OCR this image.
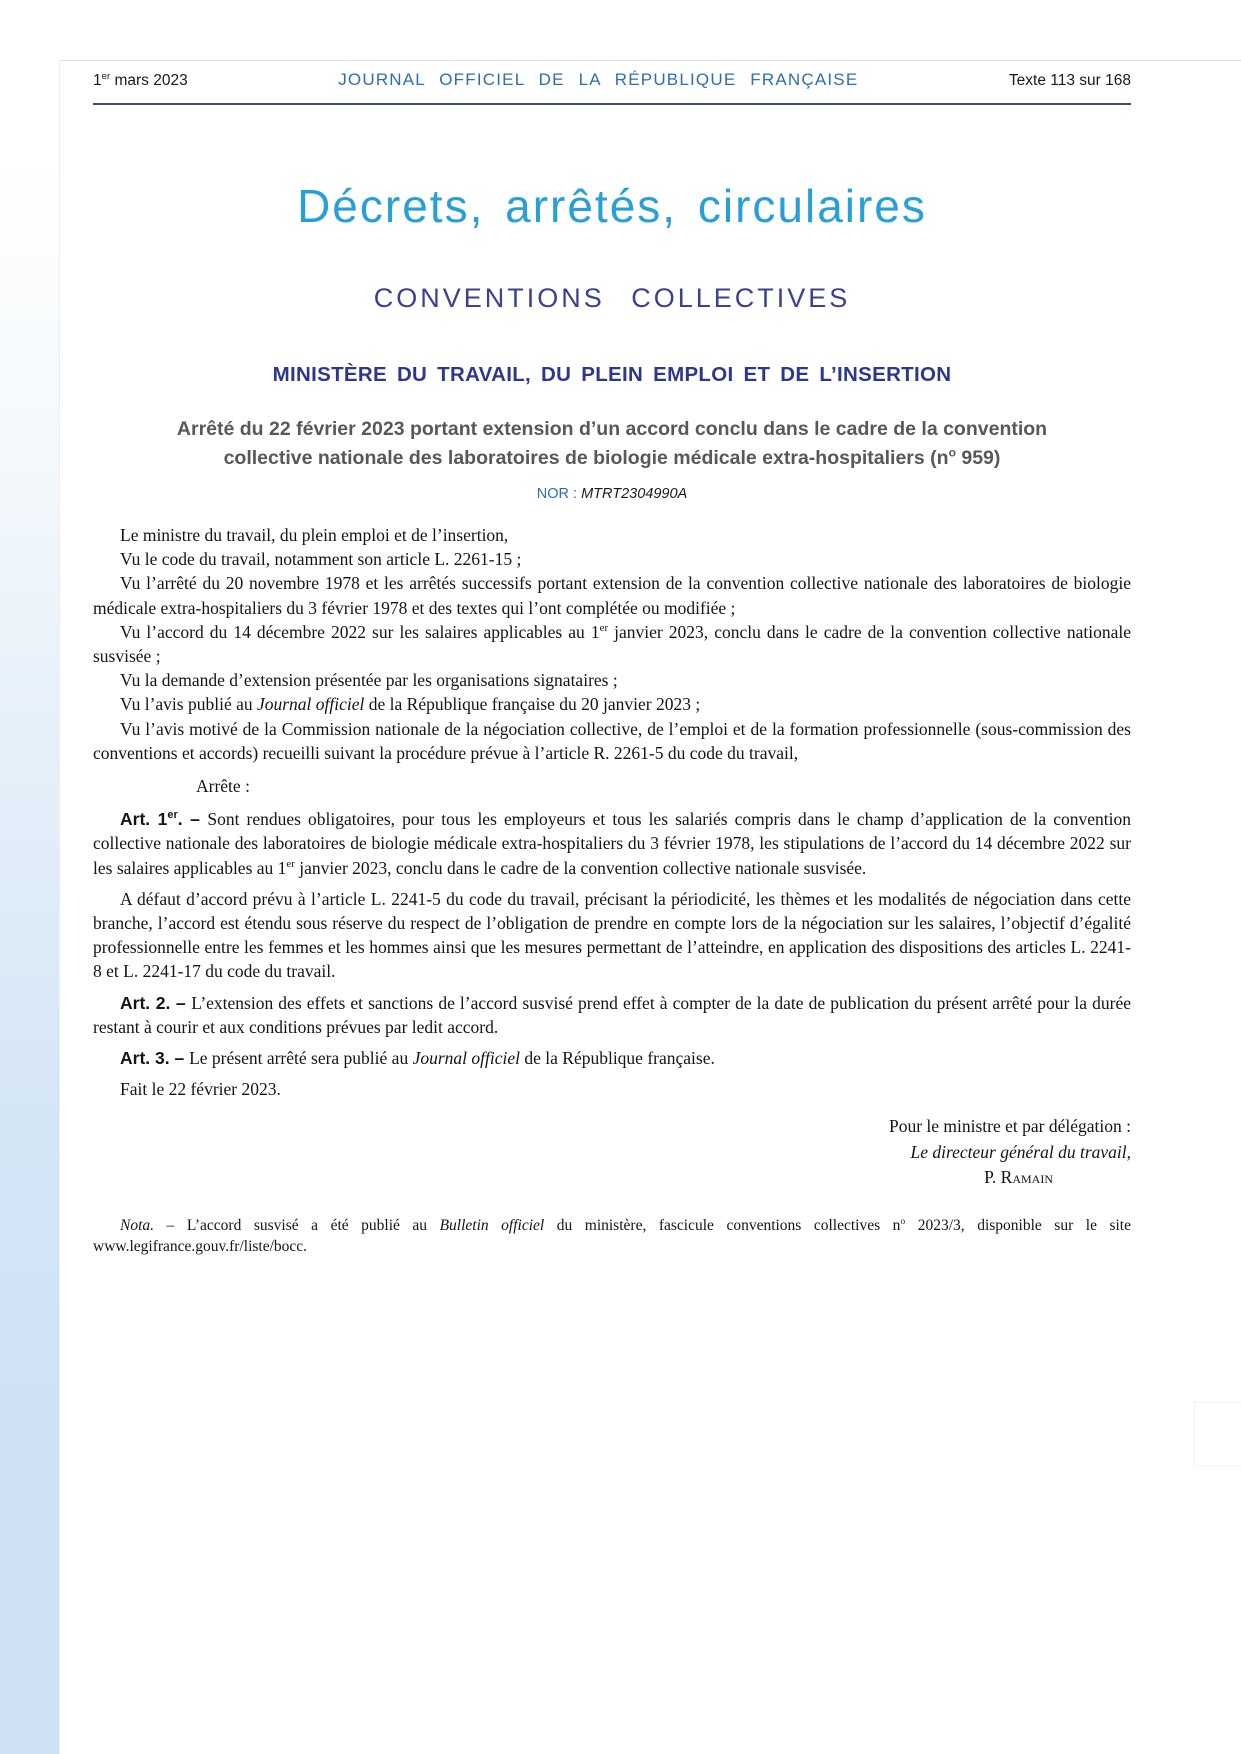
1er mars 2023	JOURNAL OFFICIEL DE LA RÉPUBLIQUE FRANÇAISE	Texte 113 sur 168
Décrets, arrêtés, circulaires
CONVENTIONS COLLECTIVES
MINISTÈRE DU TRAVAIL, DU PLEIN EMPLOI ET DE L’INSERTION
Arrêté du 22 février 2023 portant extension d’un accord conclu dans le cadre de la convention collective nationale des laboratoires de biologie médicale extra-hospitaliers ($n^o$ 959)
NOR : MTRT2304990A

Le ministre du travail, du plein emploi et de l’insertion,

Vu le code du travail, notamment son article L. 2261-15 ;

Vu l’arrêté du 20 novembre 1978 et les arrêtés successifs portant extension de la convention collective nationale des laboratoires de biologie médicale extra-hospitaliers du 3 février 1978 et des textes qui l’ont complétée ou modifiée ;

Vu l’accord du 14 décembre 2022 sur les salaires applicables au 1er janvier 2023, conclu dans le cadre de la convention collective nationale susvisée ;

Vu la demande d’extension présentée par les organisations signataires ;

Vu l’avis publié au Journal officiel de la République française du 20 janvier 2023 ;

Vu l’avis motivé de la Commission nationale de la négociation collective, de l’emploi et de la formation professionnelle (sous-commission des conventions et accords) recueilli suivant la procédure prévue à l’article R. 2261-5 du code du travail,

Arrête :

Art. 1er. – Sont rendues obligatoires, pour tous les employeurs et tous les salariés compris dans le champ d’application de la convention collective nationale des laboratoires de biologie médicale extra-hospitaliers du 3 février 1978, les stipulations de l’accord du 14 décembre 2022 sur les salaires applicables au 1er janvier 2023, conclu dans le cadre de la convention collective nationale susvisée.

A défaut d’accord prévu à l’article L. 2241-5 du code du travail, précisant la périodicité, les thèmes et les modalités de négociation dans cette branche, l’accord est étendu sous réserve du respect de l’obligation de prendre en compte lors de la négociation sur les salaires, l’objectif d’égalité professionnelle entre les femmes et les hommes ainsi que les mesures permettant de l’atteindre, en application des dispositions des articles L. 2241-8 et L. 2241-17 du code du travail.

Art. 2. – L’extension des effets et sanctions de l’accord susvisé prend effet à compter de la date de publication du présent arrêté pour la durée restant à courir et aux conditions prévues par ledit accord.

Art. 3. – Le présent arrêté sera publié au Journal officiel de la République française.

Fait le 22 février 2023.

Pour le ministre et par délégation :
Le directeur général du travail,
P. Ramain

Nota. – L’accord susvisé a été publié au Bulletin officiel du ministère, fascicule conventions collectives $n^o$ 2023/3, disponible sur le site www.legifrance.gouv.fr/liste/bocc.
